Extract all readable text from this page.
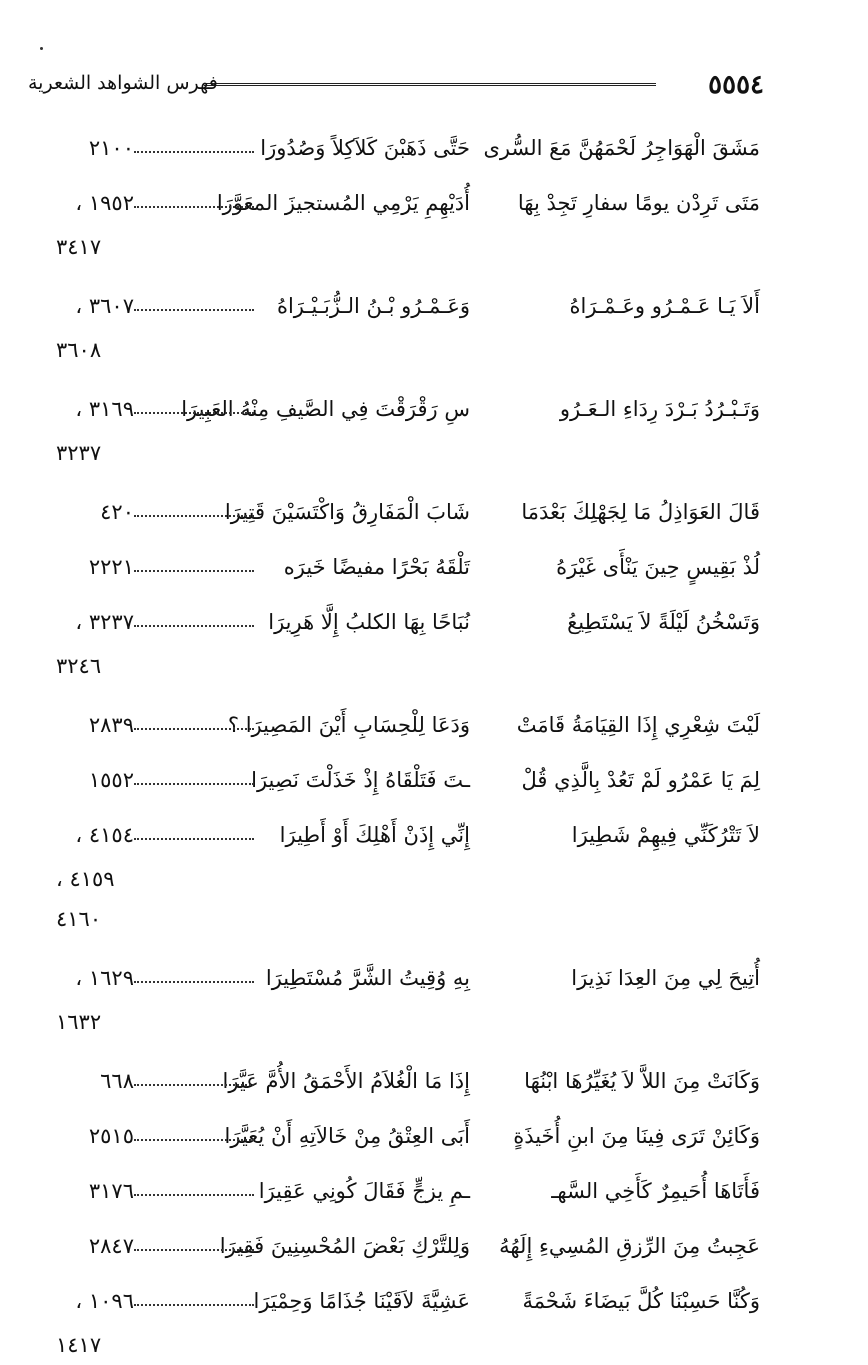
٥٥٥٤
فهرس الشواهد الشعرية
مَشَقَ الْهَوَاجِرُ لَحْمَهُنَّ مَعَ السُّرى
حَتَّى ذَهَبْنَ كَلاَكِلاً وَصُدُورَا
٢١٠٠
مَتَى تَرِدْن يومًا سفارِ تَجِدْ بِهَا
أُدَيْهِمِ يَرْمِي المُستجيزَ المعَوَّرَا
١٩٥٢ ،
٣٤١٧
أَلاَ يَـا عَـمْـرُو وعَـمْـرَاهُ
وَعَـمْـرُو بْـنُ الـزُّبَـيْـرَاهُ
٣٦٠٧ ،
٣٦٠٨
وَتَـبْـرُدُ بَـرْدَ رِدَاءِ الـعَـرُو
سِ رَقْرَقْتَ فِي الصَّيفِ مِنْهُ العَبِيرَا
٣١٦٩ ،
٣٢٣٧
قَالَ العَوَاذِلُ مَا لِجَهْلِكَ بَعْدَمَا
شَابَ الْمَفَارِقُ وَاكْتَسَيْنَ قَتِيرَا
٤٢٠
لُذْ بَقِيسٍ حِينَ يَنْأَى غَيْرَهُ
تَلْقَهُ بَحْرًا مفيضًا خَيرَه
٢٢٢١
وَتَسْخُنُ لَيْلَةً لاَ يَسْتَطِيعُ
نُبَاحًا بِهَا الكلبُ إِلَّا هَرِيرَا
٣٢٣٧ ،
٣٢٤٦
لَيْتَ شِعْرِي إِذَا القِيَامَةُ قَامَتْ
وَدَعَا لِلْحِسَابِ أَيْنَ المَصِيرَا ؟
٢٨٣٩
لِمَ يَا عَمْرُو لَمْ تَعُدْ بِالَّذِي قُلْ
ـتَ فَتَلْقَاهُ إِذْ خَذَلْتَ نَصِيرَا
١٥٥٢
لاَ تَتْرُكَنِّي فِيهِمْ شَطِيرَا
إِنِّي إِذَنْ أَهْلِكَ أَوْ أَطِيرَا
٤١٥٤ ،
٤١٥٩ ،
٤١٦٠
أُتِيحَ لِي مِنَ العِدَا نَذِيرَا
بِهِ وُقِيتُ الشَّرَّ مُسْتَطِيرَا
١٦٢٩ ،
١٦٣٢
وَكَانَتْ مِنَ اللاَّ لاَ يُغَيِّرُهَا ابْنُهَا
إِذَا مَا الْغُلاَمُ الأَحْمَقُ الأُمَّ عَيَّرَا
٦٦٨
وَكَائِنْ تَرَى فِينَا مِنَ ابنِ أُخَيذَةٍ
أَبَى العِتْقُ مِنْ خَالاَتِهِ أَنْ يُعَيَّرَا
٢٥١٥
فَأَتَاهَا أُحَيمِرٌ كَأَخِي السَّهـ
ـمِ يزجٍّ فَقَالَ كُونِي عَقِيرَا
٣١٧٦
عَجِبتُ مِنَ الرِّزقِ المُسِيءِ إِلَهُهُ
وَلِلتَّرْكِ بَعْضَ المُحْسِنِينَ فَقِيرَا
٢٨٤٧
وَكُنَّا حَسِبْنَا كُلَّ بَيضَاءَ شَحْمَةً
عَشِيَّةَ لاَقَيْنَا جُذَامًا وَحِمْيَرَا
١٠٩٦ ،
١٤١٧
